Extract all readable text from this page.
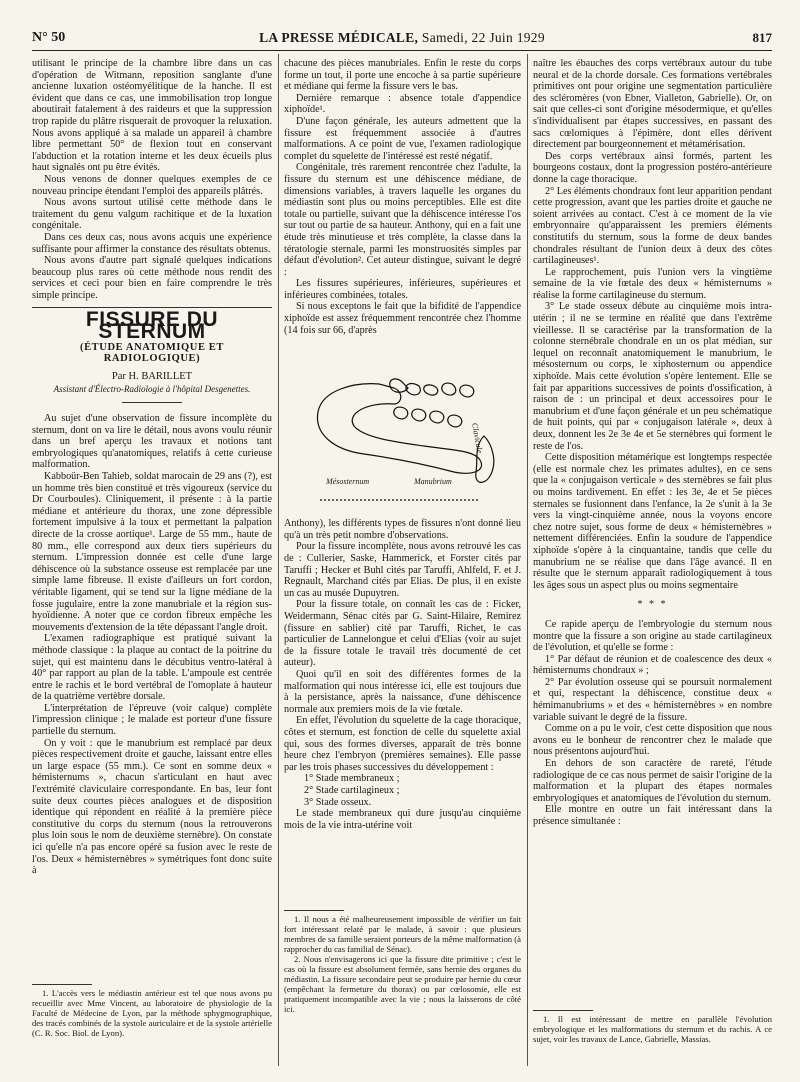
N° 50	LA PRESSE MÉDICALE, Samedi, 22 Juin 1929	817

utilisant le principe de la chambre libre dans un cas d'opération de Witmann, reposition sanglante d'une ancienne luxation ostéomyélitique de la hanche. Il est évident que dans ce cas, une immobilisation trop longue aboutirait fatalement à des raideurs et que la suppression trop rapide du plâtre risquerait de provoquer la reluxation. Nous avons appliqué à sa malade un appareil à chambre libre permettant 50° de flexion tout en conservant l'abduction et la rotation interne et les deux écueils plus haut signalés ont pu être évités.

Nous venons de donner quelques exemples de ce nouveau principe étendant l'emploi des appareils plâtrés.

Nous avons surtout utilisé cette méthode dans le traitement du genu valgum rachitique et de la luxation congénitale.

Dans ces deux cas, nous avons acquis une expérience suffisante pour affirmer la constance des résultats obtenus.

Nous avons d'autre part signalé quelques indications beaucoup plus rares où cette méthode nous rendit des services et ceci pour bien en faire comprendre le très simple principe.

FISSURE DU STERNUM
(ÉTUDE ANATOMIQUE ET RADIOLOGIQUE)
Par H. BARILLET
Assistant d'Électro-Radiologie à l'hôpital Desgenettes.

Au sujet d'une observation de fissure incomplète du sternum, dont on va lire le détail, nous avons voulu réunir dans un bref aperçu les travaux et notions tant embryologiques qu'anatomiques, relatifs à cette curieuse malformation.

Kabboür-Ben Tahieb, soldat marocain de 29 ans (?), est un homme très bien constitué et très vigoureux (service du Dr Courboules). Cliniquement, il présente : à la partie médiane et antérieure du thorax, une zone dépressible fortement impulsive à la toux et permettant la palpation directe de la crosse aortique¹. Large de 55 mm., haute de 80 mm., elle correspond aux deux tiers supérieurs du sternum. L'impression donnée est celle d'une large déhiscence où la substance osseuse est remplacée par une simple lame fibreuse. Il existe d'ailleurs un fort cordon, véritable ligament, qui se tend sur la ligne médiane de la fosse jugulaire, entre la zone manubriale et la région sus-hyoïdienne. A noter que ce cordon fibreux empêche les mouvements d'extension de la tête dépassant l'angle droit.

L'examen radiographique est pratiqué suivant la méthode classique : la plaque au contact de la poitrine du sujet, qui est maintenu dans le décubitus ventro-latéral à 40° par rapport au plan de la table. L'ampoule est centrée entre le rachis et le bord vertébral de l'omoplate à hauteur de la quatrième vertèbre dorsale.

L'interprétation de l'épreuve (voir calque) complète l'impression clinique ; le malade est porteur d'une fissure partielle du sternum.

On y voit : que le manubrium est remplacé par deux pièces respectivement droite et gauche, laissant entre elles un large espace (55 mm.). Ce sont en somme deux « hémisternums », chacun s'articulant en haut avec l'extrémité claviculaire correspondante. En bas, leur font suite deux courtes pièces analogues et de disposition identique qui répondent en réalité à la première pièce constitutive du corps du sternum (nous la retrouverons plus loin sous le nom de deuxième sternèbre). On constate ici qu'elle n'a pas encore opéré sa fusion avec le reste de l'os. Deux « hémisternèbres » symétriques font donc suite à

1. L'accès vers le médiastin antérieur est tel que nous avons pu recueillir avec Mme Vincent, au laboratoire de physiologie de la Faculté de Médecine de Lyon, par la méthode sphygmographique, des tracés combinés de la systole auriculaire et de la systole artérielle (C. R. Soc. Biol. de Lyon).

chacune des pièces manubriales. Enfin le reste du corps forme un tout, il porte une encoche à sa partie supérieure et médiane qui ferme la fissure vers le bas.

Dernière remarque : absence totale d'appendice xiphoïde¹.

D'une façon générale, les auteurs admettent que la fissure est fréquemment associée à d'autres malformations. A ce point de vue, l'examen radiologique complet du squelette de l'intéressé est resté négatif.

Congénitale, très rarement rencontrée chez l'adulte, la fissure du sternum est une déhiscence médiane, de dimensions variables, à travers laquelle les organes du médiastin sont plus ou moins perceptibles. Elle est dite totale ou partielle, suivant que la déhiscence intéresse l'os sur tout ou partie de sa hauteur. Anthony, qui en a fait une étude très minutieuse et très complète, la classe dans la tératologie sternale, parmi les monstruosités simples par défaut d'évolution². Cet auteur distingue, suivant le degré :

Les fissures supérieures, inférieures, supérieures et inférieures combinées, totales.

Si nous exceptons le fait que la bifidité de l'appendice xiphoïde est assez fréquemment rencontrée chez l'homme (14 fois sur 66, d'après

Mésosternum	Manubrium
Clavicule

Anthony), les différents types de fissures n'ont donné lieu qu'à un très petit nombre d'observations.

Pour la fissure incomplète, nous avons retrouvé les cas de : Cullerier, Saske, Hammerick, et Forster cités par Taruffi ; Hecker et Buhl cités par Taruffi, Ahlfeld, F. et J. Regnault, Marchand cités par Elias. De plus, il en existe un cas au musée Dupuytren.

Pour la fissure totale, on connaît les cas de : Ficker, Weidermann, Sénac cités par G. Saint-Hilaire, Remirez (fissure en sablier) cité par Taruffi, Richet, le cas particulier de Lannelongue et celui d'Elias (voir au sujet de la fissure totale le travail très documenté de cet auteur).

Quoi qu'il en soit des différentes formes de la malformation qui nous intéresse ici, elle est toujours due à la persistance, après la naissance, d'une déhiscence normale aux premiers mois de la vie fœtale.

En effet, l'évolution du squelette de la cage thoracique, côtes et sternum, est fonction de celle du squelette axial qui, sous des formes diverses, apparaît de très bonne heure chez l'embryon (premières semaines). Elle passe par les trois phases successives du développement :

1° Stade membraneux ;
2° Stade cartilagineux ;
3° Stade osseux.

Le stade membraneux qui dure jusqu'au cinquième mois de la vie intra-utérine voit

1. Il nous a été malheureusement impossible de vérifier un fait fort intéressant relaté par le malade, à savoir : que plusieurs membres de sa famille seraient porteurs de la même malformation (à rapprocher du cas familial de Sénac).

2. Nous n'envisagerons ici que la fissure dite primitive ; c'est le cas où la fissure est absolument fermée, sans hernie des organes du médiastin. La fissure secondaire peut se produire par hernie du cœur (empêchant la fermeture du thorax) ou par cœlosomie, elle est pratiquement incompatible avec la vie ; nous la laisserons de côté ici.

naître les ébauches des corps vertébraux autour du tube neural et de la chorde dorsale. Ces formations vertébrales primitives ont pour origine une segmentation particulière des scléromères (von Ebner, Vialleton, Gabrielle). Or, on sait que celles-ci sont d'origine mésodermique, et qu'elles s'individualisent par étapes successives, en passant des sacs cœlomiques à l'épimère, dont elles dérivent directement par bourgeonnement et métamérisation.

Des corps vertébraux ainsi formés, partent les bourgeons costaux, dont la progression postéro-antérieure donne la cage thoracique.

2° Les éléments chondraux font leur apparition pendant cette progression, avant que les parties droite et gauche ne soient arrivées au contact. C'est à ce moment de la vie embryonnaire qu'apparaissent les premiers éléments constitutifs du sternum, sous la forme de deux bandes chondrales résultant de l'union deux à deux des côtes cartilagineuses¹.

Le rapprochement, puis l'union vers la vingtième semaine de la vie fœtale des deux « hémisternums » réalise la forme cartilagineuse du sternum.

3° Le stade osseux débute au cinquième mois intra-utérin ; il ne se termine en réalité que dans l'extrême vieillesse. Il se caractérise par la transformation de la colonne sternébrale chondrale en un os plat médian, sur lequel on reconnaît anatomiquement le manubrium, le mésosternum ou corps, le xiphosternum ou appendice xiphoïde. Mais cette évolution s'opère lentement. Elle se fait par apparitions successives de points d'ossification, à raison de : un principal et deux accessoires pour le manubrium et d'une façon générale et un peu schématique de huit points, qui par « conjugaison latérale », deux à deux, donnent les 2e 3e 4e et 5e sternèbres qui forment le reste de l'os.

Cette disposition métamérique est longtemps respectée (elle est normale chez les primates adultes), en ce sens que la « conjugaison verticale » des sternèbres se fait plus ou moins tardivement. En effet : les 3e, 4e et 5e pièces sternales se fusionnent dans l'enfance, la 2e s'unit à la 3e vers la vingt-cinquième année, nous la voyons encore chez notre sujet, sous forme de deux « hémisternèbres » nettement différenciées. Enfin la soudure de l'appendice xiphoïde s'opère à la cinquantaine, tandis que celle du manubrium ne se réalise que dans l'âge avancé. Il en résulte que le sternum apparaît radiologiquement à tous les âges sous un aspect plus ou moins segmentaire

* * *

Ce rapide aperçu de l'embryologie du sternum nous montre que la fissure a son origine au stade cartilagineux de l'évolution, et qu'elle se forme :

1° Par défaut de réunion et de coalescence des deux « hémisternums chondraux » ;

2° Par évolution osseuse qui se poursuit normalement et qui, respectant la déhiscence, constitue deux « hémimanubriums » et des « hémisternèbres » en nombre variable suivant le degré de la fissure.

Comme on a pu le voir, c'est cette disposition que nous avons eu le bonheur de rencontrer chez le malade que nous présentons aujourd'hui.

En dehors de son caractère de rareté, l'étude radiologique de ce cas nous permet de saisir l'origine de la malformation et la plupart des étapes normales embryologiques et anatomiques de l'évolution du sternum.

Elle montre en outre un fait intéressant dans la présence simultanée :

1. Il est intéressant de mettre en parallèle l'évolution embryologique et les malformations du sternum et du rachis. A ce sujet, voir les travaux de Lance, Gabrielle, Massias.
